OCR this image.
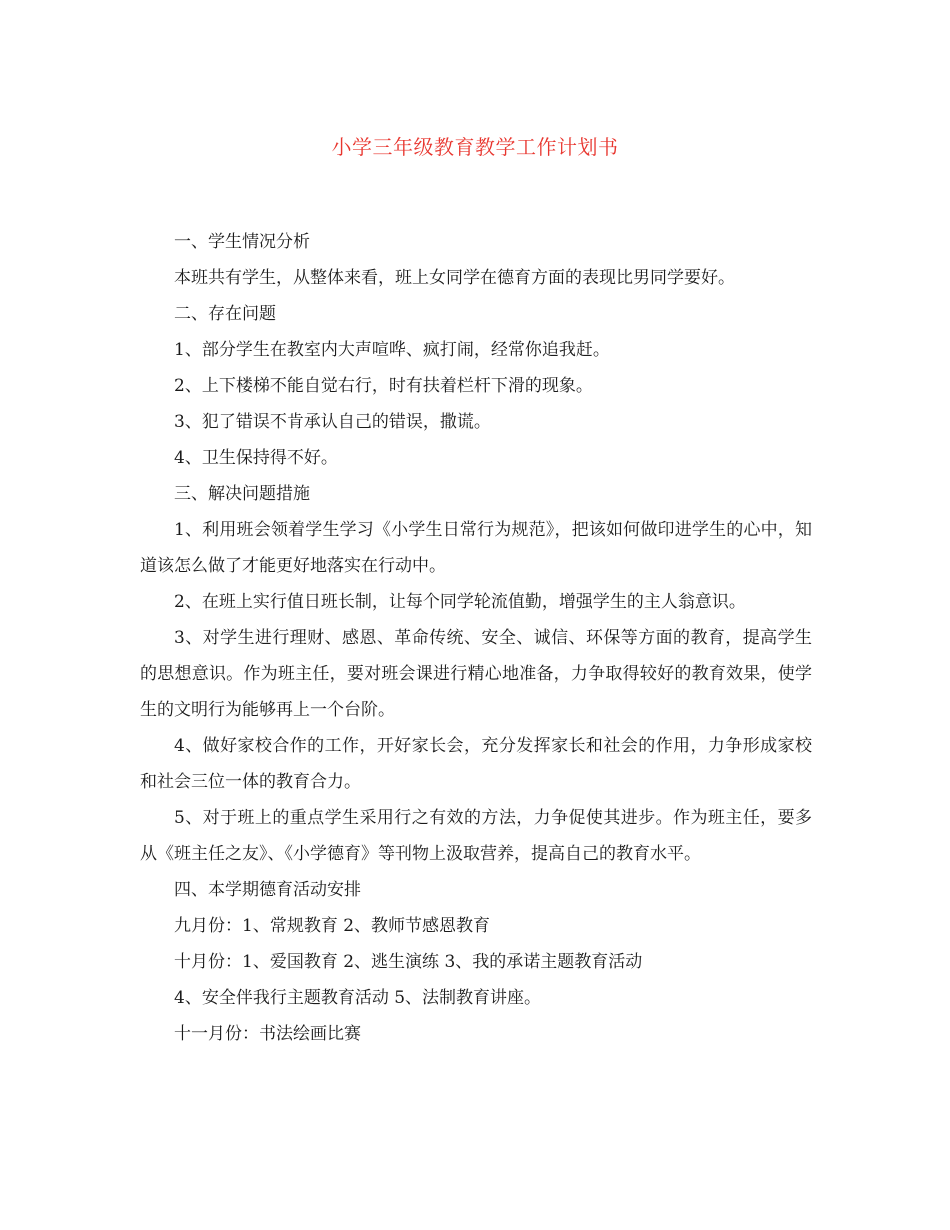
小学三年级教育教学工作计划书

一、学生情况分析

本班共有学生，从整体来看，班上女同学在德育方面的表现比男同学要好。

二、存在问题

1、部分学生在教室内大声喧哗、疯打闹，经常你追我赶。

2、上下楼梯不能自觉右行，时有扶着栏杆下滑的现象。

3、犯了错误不肯承认自己的错误，撒谎。

4、卫生保持得不好。

三、解决问题措施

1、利用班会领着学生学习《小学生日常行为规范》，把该如何做印进学生的心中，知道该怎么做了才能更好地落实在行动中。

2、在班上实行值日班长制，让每个同学轮流值勤，增强学生的主人翁意识。

3、对学生进行理财、感恩、革命传统、安全、诚信、环保等方面的教育，提高学生的思想意识。作为班主任，要对班会课进行精心地准备，力争取得较好的教育效果，使学生的文明行为能够再上一个台阶。

4、做好家校合作的工作，开好家长会，充分发挥家长和社会的作用，力争形成家校和社会三位一体的教育合力。

5、对于班上的重点学生采用行之有效的方法，力争促使其进步。作为班主任，要多从《班主任之友》、《小学德育》等刊物上汲取营养，提高自己的教育水平。

四、本学期德育活动安排

九月份：1、常规教育 2、教师节感恩教育

十月份：1、爱国教育 2、逃生演练 3、我的承诺主题教育活动

4、安全伴我行主题教育活动 5、法制教育讲座。

十一月份：书法绘画比赛
